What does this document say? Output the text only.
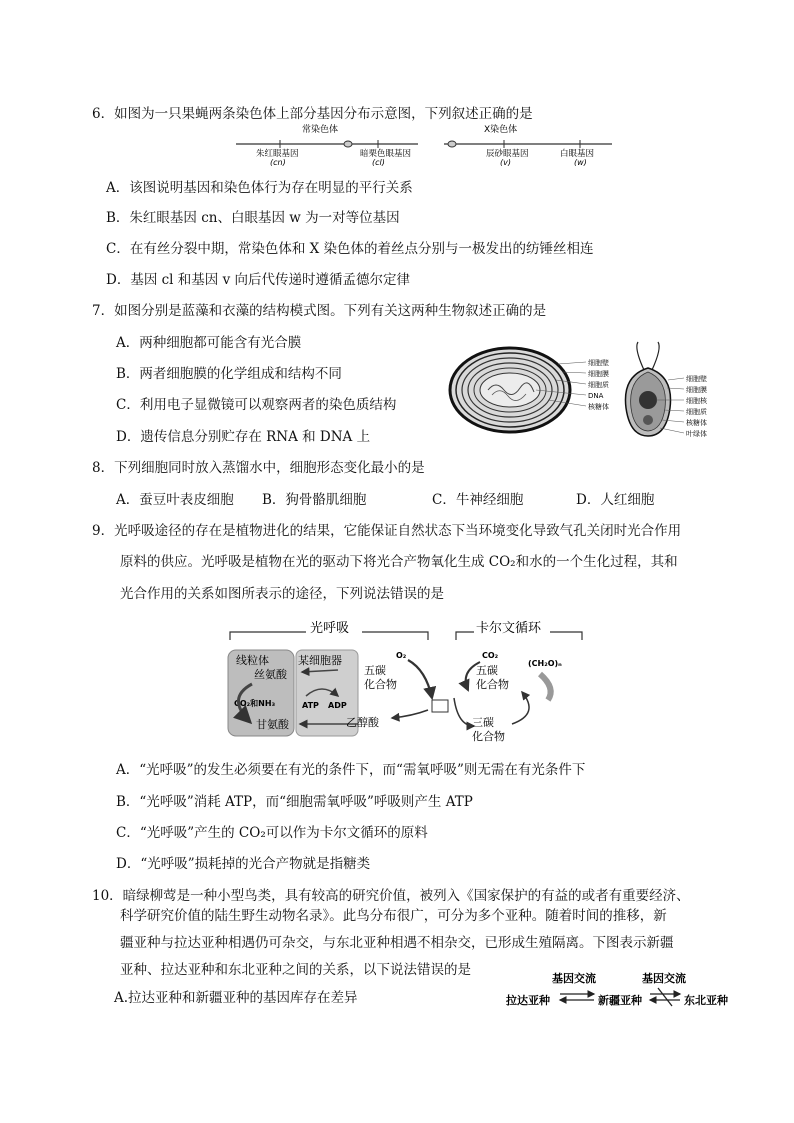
6．如图为一只果蝇两条染色体上部分基因分布示意图，下列叙述正确的是
常染色体	X染色体
朱红眼基因
(cn)
暗栗色眼基因
(cl)
辰砂眼基因
(v)
白眼基因
(w)
A．该图说明基因和染色体行为存在明显的平行关系
B．朱红眼基因 cn、白眼基因 w 为一对等位基因
C．在有丝分裂中期，常染色体和 X 染色体的着丝点分别与一极发出的纺锤丝相连
D．基因 cl 和基因 v 向后代传递时遵循孟德尔定律
7．如图分别是蓝藻和衣藻的结构模式图。下列有关这两种生物叙述正确的是
A．两种细胞都可能含有光合膜
B．两者细胞膜的化学组成和结构不同
C．利用电子显微镜可以观察两者的染色质结构
D．遗传信息分别贮存在 RNA 和 DNA 上
细胞壁
细胞膜
细胞质
DNA
核糖体
细胞壁
细胞膜
细胞核
细胞质
核糖体
叶绿体
8．下列细胞同时放入蒸馏水中，细胞形态变化最小的是
A．蚕豆叶表皮细胞 B．狗骨骼肌细胞	C．牛神经细胞	D．人红细胞
9．光呼吸途径的存在是植物进化的结果，它能保证自然状态下当环境变化导致气孔关闭时光合作用
原料的供应。光呼吸是植物在光的驱动下将光合产物氧化生成 CO₂和水的一个生化过程，其和
光合作用的关系如图所表示的途径，下列说法错误的是
光呼吸	卡尔文循环
线粒体	某细胞器
丝氨酸
CO₂和NH₃	ATP ADP
甘氨酸
五碳
化合物
O₂
乙醇酸
CO₂
五碳
化合物
(CH₂O)ₙ
三碳
化合物
A．“光呼吸”的发生必须要在有光的条件下，而“需氧呼吸”则无需在有光条件下
B．“光呼吸”消耗 ATP，而“细胞需氧呼吸”呼吸则产生 ATP
C．“光呼吸”产生的 CO₂可以作为卡尔文循环的原料
D．“光呼吸”损耗掉的光合产物就是指糖类
10．暗绿柳莺是一种小型鸟类，具有较高的研究价值，被列入《国家保护的有益的或者有重要经济、
科学研究价值的陆生野生动物名录》。此鸟分布很广，可分为多个亚种。随着时间的推移，新
疆亚种与拉达亚种相遇仍可杂交，与东北亚种相遇不相杂交，已形成生殖隔离。下图表示新疆
亚种、拉达亚种和东北亚种之间的关系，以下说法错误的是
A.拉达亚种和新疆亚种的基因库存在差异
基因交流	基因交流
拉达亚种	新疆亚种	东北亚种
